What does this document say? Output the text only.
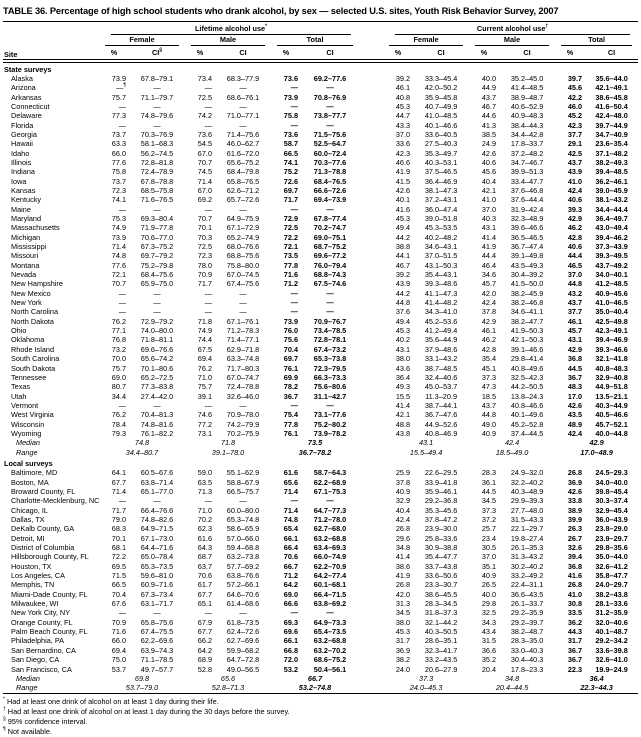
TABLE 36. Percentage of high school students who drank alcohol, by sex — selected U.S. sites, Youth Risk Behavior Survey, 2007

	Lifetime alcohol use*							Current alcohol use†

	Female		Male		Total			Female		Male		Total	

Site	%	CI§	%	CI	%	CI		%	CI	%	CI	%	CI

State surveys													
Alaska	73.9	67.8–79.1	73.4	68.3–77.9	73.6	69.2–77.6		39.2	33.3–45.4	40.0	35.2–45.0	39.7	35.6–44.0
Arizona	—¶	—	—	—	—	—		46.1	42.0–50.2	44.9	41.4–48.5	45.6	42.1–49.1
Arkansas	75.7	71.1–79.7	72.5	68.6–76.1	73.9	70.8–76.9		40.8	35.9–45.8	43.7	38.9–48.7	42.2	38.6–45.8
Connecticut	—	—	—	—	—	—		45.3	40.7–49.9	46.7	40.6–52.9	46.0	41.6–50.4
Delaware	77.3	74.8–79.6	74.2	71.0–77.1	75.8	73.8–77.7		44.7	41.0–48.5	44.6	40.9–48.3	45.2	42.4–48.0
Florida	—	—	—	—	—	—		43.3	40.1–46.6	41.3	38.4–44.3	42.3	39.7–44.9
Georgia	73.7	70.3–76.9	73.6	71.4–75.6	73.6	71.5–75.6		37.0	33.6–40.5	38.5	34.4–42.8	37.7	34.7–40.9
Hawaii	63.3	58.1–68.3	54.5	46.0–62.7	58.7	52.5–64.7		33.6	27.5–40.3	24.9	17.8–33.7	29.1	23.6–35.4
Idaho	66.0	56.2–74.5	67.0	61.6–72.0	66.5	60.0–72.4		42.3	35.3–49.7	42.6	37.2–48.2	42.5	37.1–48.2
Illinois	77.6	72.8–81.8	70.7	65.6–75.2	74.1	70.3–77.6		46.6	40.3–53.1	40.6	34.7–46.7	43.7	38.2–49.3
Indiana	75.8	72.4–78.9	74.5	68.4–79.8	75.2	71.3–78.8		41.9	37.5–46.5	45.6	39.9–51.3	43.9	39.4–48.5
Iowa	73.7	67.8–78.8	71.4	65.8–76.5	72.6	68.4–76.5		41.5	36.4–46.9	40.4	33.4–47.7	41.0	36.2–46.1
Kansas	72.3	68.5–75.8	67.0	62.6–71.2	69.7	66.6–72.6		42.6	38.1–47.3	42.1	37.6–46.8	42.4	39.0–45.9
Kentucky	74.1	71.6–76.5	69.2	65.7–72.6	71.7	69.4–73.9		40.1	37.2–43.1	41.0	37.6–44.4	40.6	38.1–43.2
Maine	—	—	—	—	—	—		41.6	36.0–47.4	37.0	31.9–42.4	39.3	34.4–44.4
Maryland	75.3	69.3–80.4	70.7	64.9–75.9	72.9	67.8–77.4		45.3	39.0–51.8	40.3	32.3–48.9	42.9	36.4–49.7
Massachusetts	74.9	71.9–77.8	70.1	67.1–72.9	72.5	70.2–74.7		49.4	45.3–53.5	43.1	39.6–46.6	46.2	43.0–49.4
Michigan	73.9	70.6–77.0	70.3	65.2–74.9	72.2	69.0–75.1		44.2	40.2–48.2	41.4	36.5–46.5	42.8	39.4–46.2
Mississippi	71.4	67.3–75.2	72.5	68.0–76.6	72.1	68.7–75.2		38.8	34.6–43.1	41.9	36.7–47.4	40.6	37.3–43.9
Missouri	74.8	69.7–79.2	72.3	68.8–75.6	73.5	69.6–77.2		44.1	37.0–51.5	44.4	39.1–49.8	44.4	39.3–49.5
Montana	77.6	75.2–79.8	78.0	75.8–80.0	77.8	76.0–79.4		46.7	43.1–50.3	46.4	43.5–49.3	46.5	43.7–49.2
Nevada	72.1	68.4–75.6	70.9	67.0–74.5	71.6	68.8–74.3		39.2	35.4–43.1	34.6	30.4–39.2	37.0	34.0–40.1
New Hampshire	70.7	65.9–75.0	71.7	67.4–75.6	71.2	67.5–74.6		43.9	39.3–48.6	45.7	41.5–50.0	44.8	41.2–48.5
New Mexico	—	—	—	—	—	—		44.2	41.1–47.3	42.0	38.2–45.9	43.2	40.9–45.6
New York	—	—	—	—	—	—		44.8	41.4–48.2	42.4	38.2–46.8	43.7	41.0–46.5
North Carolina	—	—	—	—	—	—		37.6	34.3–41.0	37.8	34.6–41.1	37.7	35.0–40.4
North Dakota	76.2	72.9–79.2	71.8	67.1–76.1	73.9	70.9–76.7		49.4	45.2–53.6	42.9	38.2–47.7	46.1	42.5–49.8
Ohio	77.1	74.0–80.0	74.9	71.2–78.3	76.0	73.4–78.5		45.3	41.2–49.4	46.1	41.9–50.3	45.7	42.3–49.1
Oklahoma	76.8	71.8–81.1	74.4	71.4–77.1	75.6	72.8–78.1		40.2	35.6–44.9	46.2	42.1–50.3	43.1	39.4–46.9
Rhode Island	73.2	69.6–76.6	67.5	62.9–71.8	70.4	67.4–73.2		43.1	37.9–48.6	42.8	39.1–46.6	42.9	39.3–46.6
South Carolina	70.0	65.6–74.2	69.4	63.3–74.8	69.7	65.3–73.8		38.0	33.1–43.2	35.4	29.8–41.4	36.8	32.1–41.8
South Dakota	75.7	70.1–80.6	76.2	71.7–80.3	76.1	72.3–79.5		43.6	38.7–48.5	45.1	40.8–49.6	44.5	40.8–48.3
Tennessee	69.0	65.2–72.5	71.0	67.0–74.7	69.9	66.3–73.3		36.4	32.4–40.6	37.3	32.5–42.3	36.7	32.9–40.8
Texas	80.7	77.3–83.8	75.7	72.4–78.8	78.2	75.6–80.6		49.3	45.0–53.7	47.3	44.2–50.5	48.3	44.9–51.8
Utah	34.4	27.4–42.0	39.1	32.6–46.0	36.7	31.1–42.7		15.5	11.3–20.9	18.5	13.8–24.3	17.0	13.5–21.1
Vermont	—	—	—	—	—	—		41.4	38.7–44.1	43.7	40.8–46.6	42.6	40.3–44.9
West Virginia	76.2	70.4–81.3	74.6	70.9–78.0	75.4	73.1–77.6		42.1	36.7–47.6	44.8	40.1–49.6	43.5	40.5–46.6
Wisconsin	78.4	74.8–81.6	77.2	74.2–79.9	77.8	75.2–80.2		48.8	44.9–52.6	49.0	45.2–52.8	48.9	45.7–52.1
Wyoming	79.3	76.1–82.2	73.1	70.2–75.9	76.1	73.9–78.2		43.8	40.8–46.9	40.9	37.4–44.5	42.4	40.0–44.8
Median	74.8		71.8		73.5			43.1		42.4		42.9	
Range	34.4–80.7		39.1–78.0		36.7–78.2			15.5–49.4		18.5–49.0		17.0–48.9	
Local surveys													
Baltimore, MD	64.1	60.5–67.6	59.0	55.1–62.9	61.6	58.7–64.3		25.9	22.6–29.5	28.3	24.9–32.0	26.8	24.5–29.3
Boston, MA	67.7	63.8–71.4	63.5	58.8–67.9	65.6	62.2–68.9		37.8	33.9–41.8	36.1	32.2–40.2	36.9	34.0–40.0
Broward County, FL	71.4	65.1–77.0	71.3	66.5–75.7	71.4	67.1–75.3		40.9	35.9–46.1	44.5	40.3–48.9	42.6	39.8–45.4
Charlotte-Mecklenburg, NC	—	—	—	—	—	—		32.9	29.2–36.8	34.5	29.9–39.3	33.8	30.3–37.4
Chicago, IL	71.7	66.4–76.6	71.0	60.0–80.0	71.4	64.7–77.3		40.4	35.3–45.6	37.3	27.7–48.0	38.9	32.9–45.4
Dallas, TX	79.0	74.8–82.6	70.2	65.3–74.8	74.8	71.2–78.0		42.4	37.8–47.2	37.2	31.5–43.3	39.9	36.0–43.9
DeKalb County, GA	68.3	64.9–71.5	62.3	58.6–65.9	65.4	62.7–68.0		26.8	23.9–30.0	25.7	22.1–29.7	26.3	23.8–29.0
Detroit, MI	70.1	67.1–73.0	61.6	57.0–66.0	66.1	63.2–68.8		29.6	25.8–33.6	23.4	19.8–27.4	26.7	23.9–29.7
District of Columbia	68.1	64.4–71.6	64.3	59.4–68.8	66.4	63.4–69.3		34.8	30.9–38.8	30.5	26.1–35.3	32.6	29.8–35.6
Hillsborough County, FL	72.2	65.0–78.4	68.7	63.2–73.8	70.6	66.0–74.9		41.4	35.4–47.7	37.0	31.3–43.2	39.4	35.0–44.0
Houston, TX	69.5	65.3–73.5	63.7	57.7–69.2	66.7	62.2–70.9		38.6	33.7–43.8	35.1	30.2–40.2	36.8	32.6–41.2
Los Angeles, CA	71.5	59.6–81.0	70.6	63.8–76.6	71.2	64.2–77.4		41.9	33.6–50.6	40.9	33.2–49.2	41.6	35.8–47.7
Memphis, TN	66.5	60.9–71.6	61.7	57.2–66.1	64.2	60.1–68.1		26.8	23.3–30.7	26.5	22.4–31.1	26.8	24.0–29.7
Miami-Dade County, FL	70.4	67.3–73.4	67.7	64.6–70.6	69.0	66.4–71.5		42.0	38.6–45.5	40.0	36.6–43.5	41.0	38.2–43.8
Milwaukee, WI	67.6	63.1–71.7	65.1	61.4–68.6	66.6	63.8–69.2		31.3	28.3–34.5	29.8	26.1–33.7	30.8	28.1–33.6
New York City, NY	—	—	—	—	—	—		34.5	31.8–37.3	32.5	29.2–35.9	33.5	31.2–35.9
Orange County, FL	70.9	65.8–75.6	67.9	61.8–73.5	69.3	64.9–73.3		38.0	32.1–44.2	34.3	29.2–39.7	36.2	32.0–40.6
Palm Beach County, FL	71.6	67.4–75.5	67.7	62.4–72.6	69.6	65.4–73.5		45.3	40.3–50.5	43.4	38.2–48.7	44.3	40.1–48.7
Philadelphia, PA	66.0	62.2–69.6	66.2	62.7–69.6	66.1	63.2–68.8		31.7	28.6–35.1	31.5	28.3–35.0	31.7	29.2–34.2
San Bernardino, CA	69.4	63.9–74.3	64.2	59.9–68.2	66.8	63.2–70.2		36.9	32.3–41.7	36.6	33.0–40.3	36.7	33.6–39.8
San Diego, CA	75.0	71.1–78.5	68.9	64.7–72.8	72.0	68.6–75.2		38.2	33.2–43.5	35.2	30.4–40.3	36.7	32.6–41.0
San Francisco, CA	53.7	49.7–57.7	52.8	49.0–56.5	53.2	50.4–56.1		24.0	20.6–27.9	20.4	17.8–23.3	22.3	19.9–24.9
Median	69.8		65.6		66.7			37.3		34.8		36.4	
Range	53.7–79.0		52.8–71.3		53.2–74.8			24.0–45.3		20.4–44.5		22.3–44.3	
* Had at least one drink of alcohol on at least 1 day during their life.
† Had at least one drink of alcohol on at least 1 day during the 30 days before the survey.
§ 95% confidence interval.
¶ Not available.
